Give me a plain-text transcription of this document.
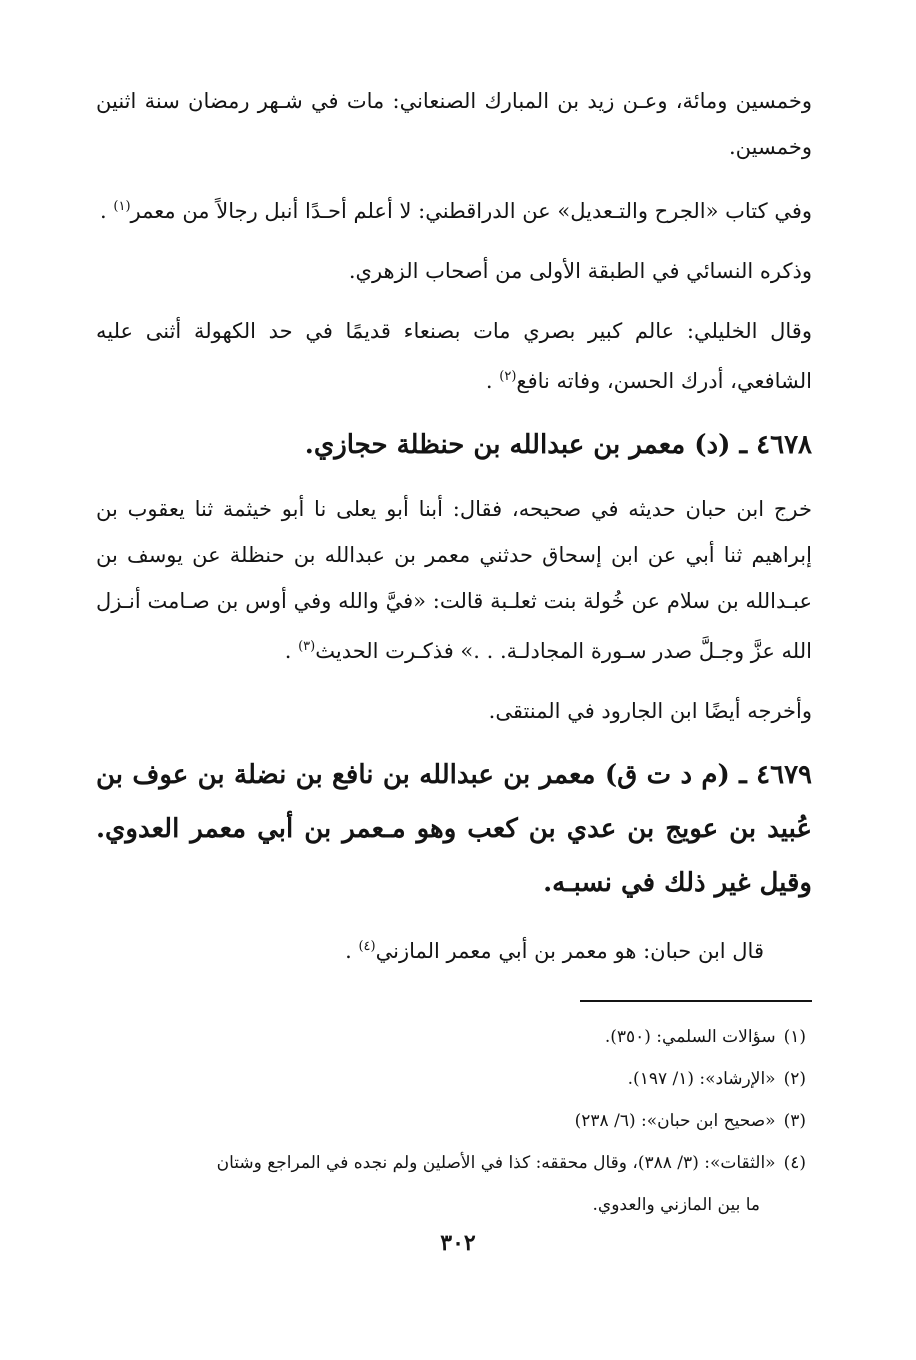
وخمسين ومائة، وعـن زيد بن المبارك الصنعاني: مات في شـهر رمضان سنة اثنين وخمسين.

وفي كتاب «الجرح والتـعديل» عن الدراقطني: لا أعلم أحـدًا أنبل رجالاً من معمر$^{(١)}$ .

وذكره النسائي في الطبقة الأولى من أصحاب الزهري.

وقال الخليلي: عالم كبير بصري مات بصنعاء قديمًا في حد الكهولة أثنى عليه الشافعي، أدرك الحسن، وفاته نافع$^{(٢)}$ .

٤٦٧٨ ـ (د) معمر بن عبدالله بن حنظلة حجازي.

خرج ابن حبان حديثه في صحيحه، فقال: أبنا أبو يعلى نا أبو خيثمة ثنا يعقوب بن إبراهيم ثنا أبي عن ابن إسحاق حدثني معمر بن عبدالله بن حنظلة عن يوسف بن عبـدالله بن سلام عن خُولة بنت ثعلـبة قالت: «فيَّ والله وفي أوس بن صـامت أنـزل الله عزَّ وجـلَّ صدر سـورة المجادلـة. . .» فذكـرت الحديث$^{(٣)}$ .

وأخرجه أيضًا ابن الجارود في المنتقى.

٤٦٧٩ ـ (م د ت ق) معمر بن عبدالله بن نافع بن نضلة بن عوف بن عُبيد بن عويج بن عدي بن كعب وهو مـعمر بن أبي معمر العدوي. وقيل غير ذلك في نسبـه.

قال ابن حبان: هو معمر بن أبي معمر المازني$^{(٤)}$ .

(١)سؤالات السلمي: (٣٥٠).

(٢)«الإرشاد»: (١/ ١٩٧).

(٣)«صحيح ابن حبان»: (٦/ ٢٣٨)

(٤)«الثقات»: (٣/ ٣٨٨)، وقال محققه: كذا في الأصلين ولم نجده في المراجع وشتان

ما بين المازني والعدوي.

٣٠٢
